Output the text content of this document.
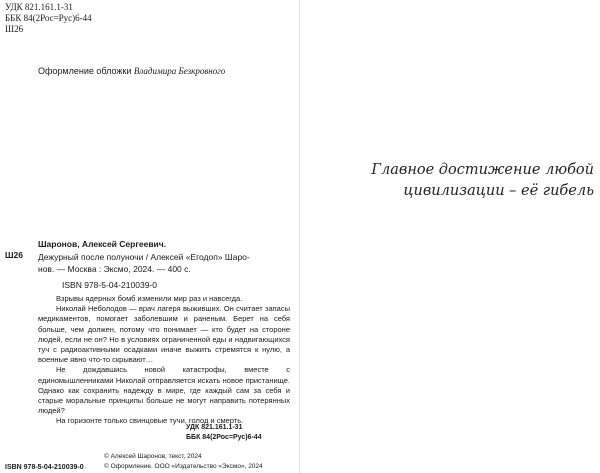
УДК 821.161.1-31
ББК 84(2Рос=Рус)6-44
Ш26
Оформление обложки Владимира Безкровного
Ш26
Шаронов, Алексей Сергеевич.
Дежурный после полуночи / Алексей «Егодоп» Шаро-
нов. — Москва : Эксмо, 2024. — 400 с.
ISBN 978-5-04-210039-0

Взрывы ядерных бомб изменили мир раз и навсегда.

Николай Неболодов — врач лагеря выживших. Он считает запасы медикаментов, помогает заболевшим и раненым. Берет на себя больше, чем должен, потому что понимает — кто будет на стороне людей, если не он? Но в условиях ограниченной еды и надвигающихся туч с радиоактивными осадками иначе выжить стремятся к нулю, а военные явно что-то скрывают…

Не дождавшись новой катастрофы, вместе с единомышленниками Николай отправляется искать новое пристанище. Однако как сохранить надежду в мире, где каждый сам за себя и старые моральные принципы больше не могут направить потерянных людей?

На горизонте только свинцовые тучи, голод и смерть.

УДК 821.161.1-31
ББК 84(2Рос=Рус)6-44
ISBN 978-5-04-210039-0
© Алексей Шаронов, текст, 2024
© Оформление. ООО «Издательство «Эксмо», 2024
Главное достижение любой
цивилизации – её гибель
